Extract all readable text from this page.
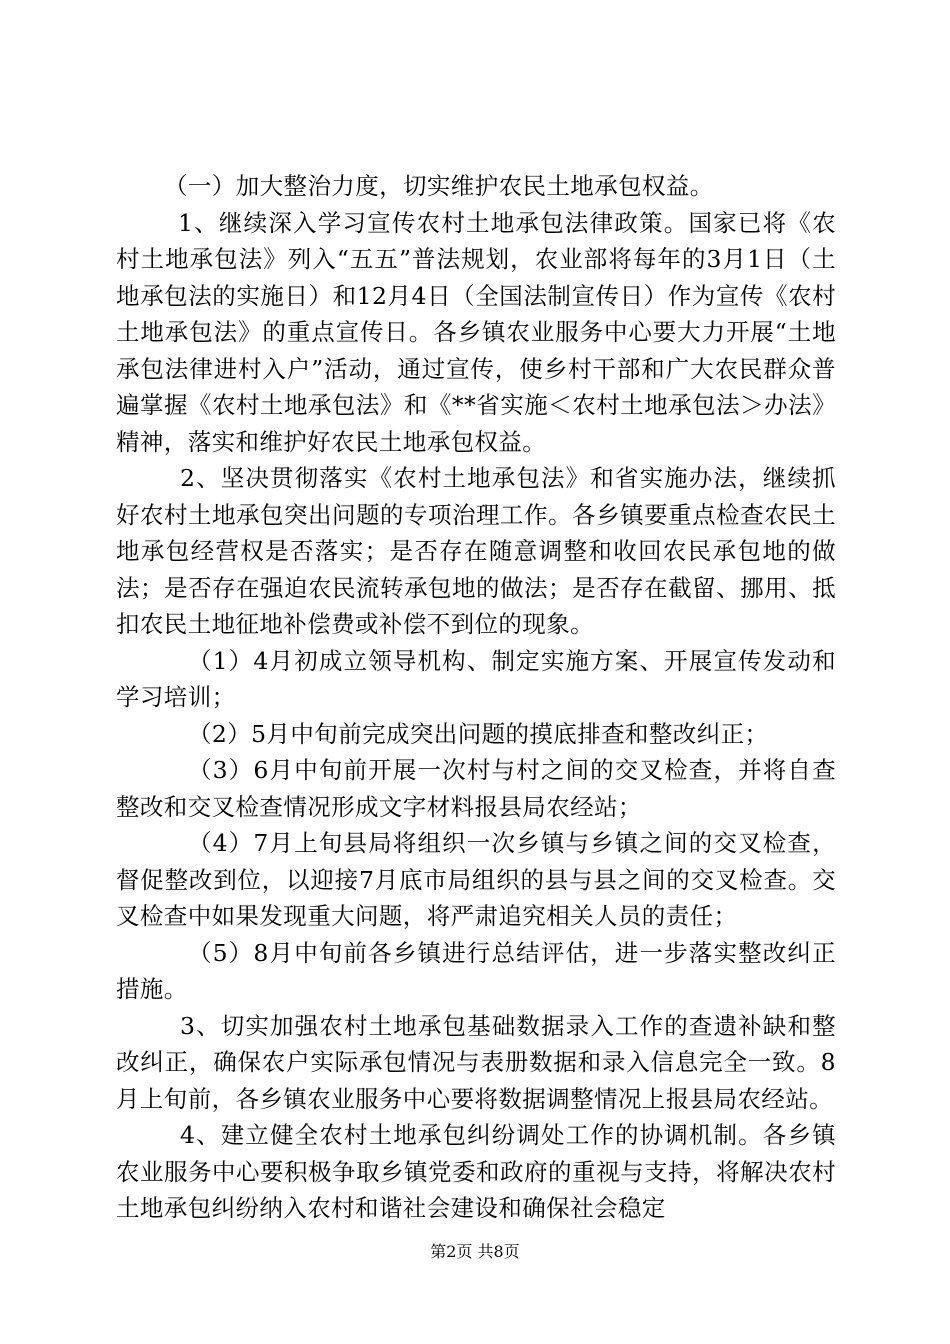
（一）加大整治力度，切实维护农民土地承包权益。

1、继续深入学习宣传农村土地承包法律政策。国家已将《农村土地承包法》列入“五五”普法规划，农业部将每年的3月1日（土地承包法的实施日）和12月4日（全国法制宣传日）作为宣传《农村土地承包法》的重点宣传日。各乡镇农业服务中心要大力开展“土地承包法律进村入户”活动，通过宣传，使乡村干部和广大农民群众普遍掌握《农村土地承包法》和《**省实施＜农村土地承包法＞办法》精神，落实和维护好农民土地承包权益。

2、坚决贯彻落实《农村土地承包法》和省实施办法，继续抓好农村土地承包突出问题的专项治理工作。各乡镇要重点检查农民土地承包经营权是否落实；是否存在随意调整和收回农民承包地的做法；是否存在强迫农民流转承包地的做法；是否存在截留、挪用、抵扣农民土地征地补偿费或补偿不到位的现象。

（1）4月初成立领导机构、制定实施方案、开展宣传发动和学习培训；

（2）5月中旬前完成突出问题的摸底排查和整改纠正；

（3）6月中旬前开展一次村与村之间的交叉检查，并将自查整改和交叉检查情况形成文字材料报县局农经站；

（4）7月上旬县局将组织一次乡镇与乡镇之间的交叉检查，督促整改到位，以迎接7月底市局组织的县与县之间的交叉检查。交叉检查中如果发现重大问题，将严肃追究相关人员的责任；

（5）8月中旬前各乡镇进行总结评估，进一步落实整改纠正措施。

3、切实加强农村土地承包基础数据录入工作的查遗补缺和整改纠正，确保农户实际承包情况与表册数据和录入信息完全一致。8月上旬前，各乡镇农业服务中心要将数据调整情况上报县局农经站。

4、建立健全农村土地承包纠纷调处工作的协调机制。各乡镇农业服务中心要积极争取乡镇党委和政府的重视与支持，将解决农村土地承包纠纷纳入农村和谐社会建设和确保社会稳定

第2页 共8页
